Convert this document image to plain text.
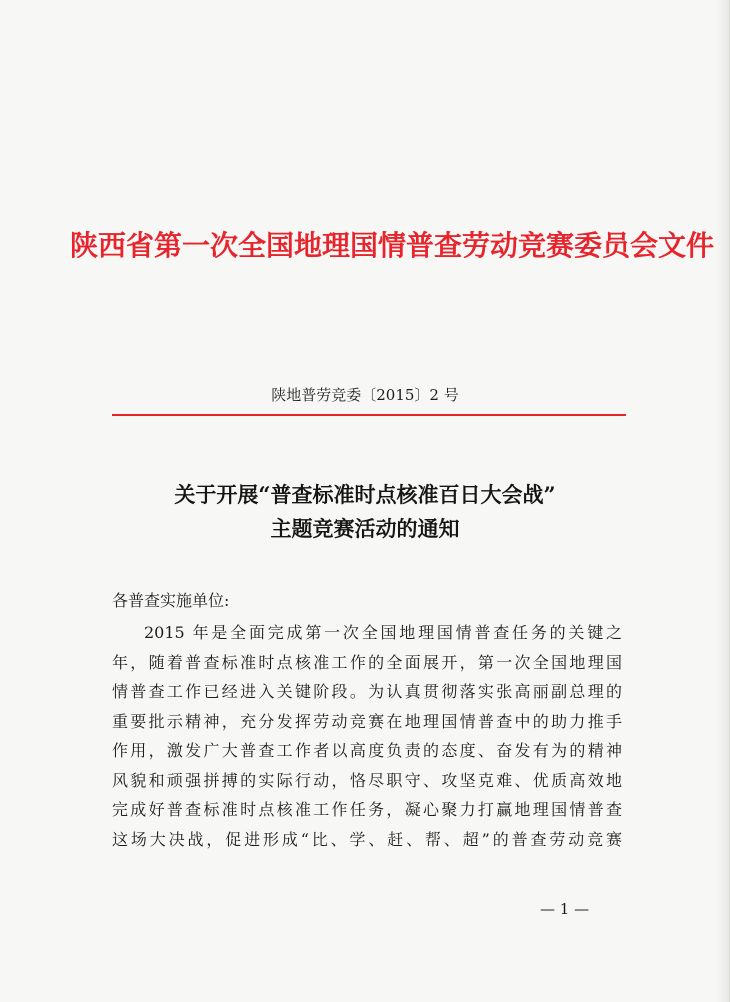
陕西省第一次全国地理国情普查劳动竞赛委员会文件
陕地普劳竞委〔2015〕2 号
关于开展“普查标准时点核准百日大会战”
主题竞赛活动的通知
各普查实施单位:
2015 年是全面完成第一次全国地理国情普查任务的关键之
年，随着普查标准时点核准工作的全面展开，第一次全国地理国
情普查工作已经进入关键阶段。为认真贯彻落实张高丽副总理的
重要批示精神，充分发挥劳动竞赛在地理国情普查中的助力推手
作用，激发广大普查工作者以高度负责的态度、奋发有为的精神
风貌和顽强拼搏的实际行动，恪尽职守、攻坚克难、优质高效地
完成好普查标准时点核准工作任务，凝心聚力打赢地理国情普查
这场大决战，促进形成“比、学、赶、帮、超”的普查劳动竞赛
— 1 —
